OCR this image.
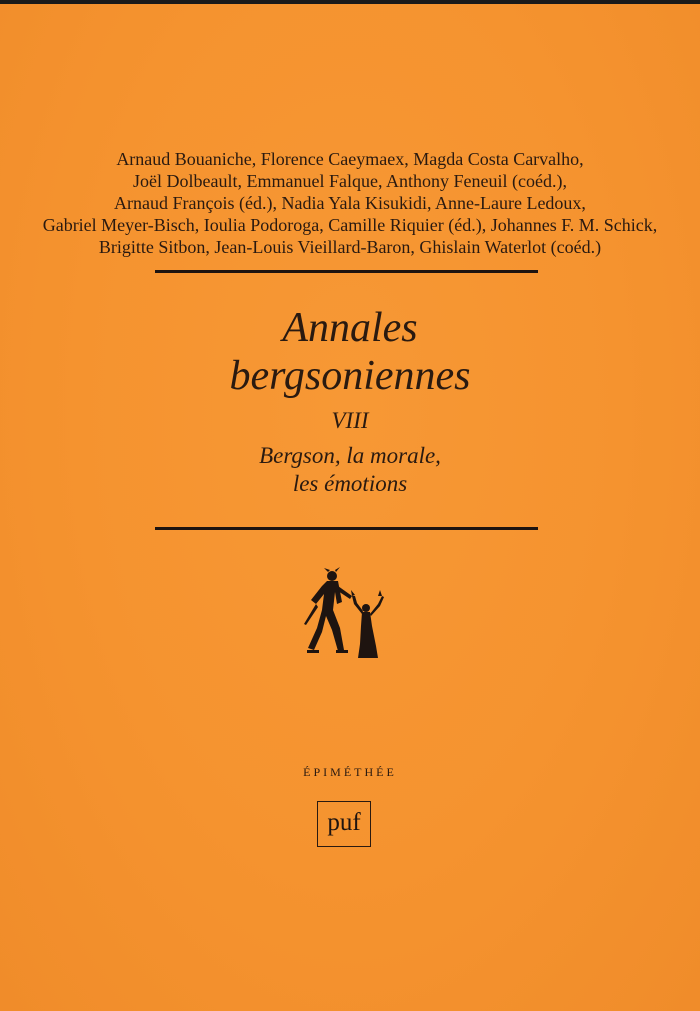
Arnaud Bouaniche, Florence Caeymaex, Magda Costa Carvalho,
Joël Dolbeault, Emmanuel Falque, Anthony Feneuil (coéd.),
Arnaud François (éd.), Nadia Yala Kisukidi, Anne-Laure Ledoux,
Gabriel Meyer-Bisch, Ioulia Podoroga, Camille Riquier (éd.), Johannes F. M. Schick,
Brigitte Sitbon, Jean-Louis Vieillard-Baron, Ghislain Waterlot (coéd.)
Annales
bergsoniennes
VIII
Bergson, la morale,
les émotions
ÉPIMÉTHÉE
puf
